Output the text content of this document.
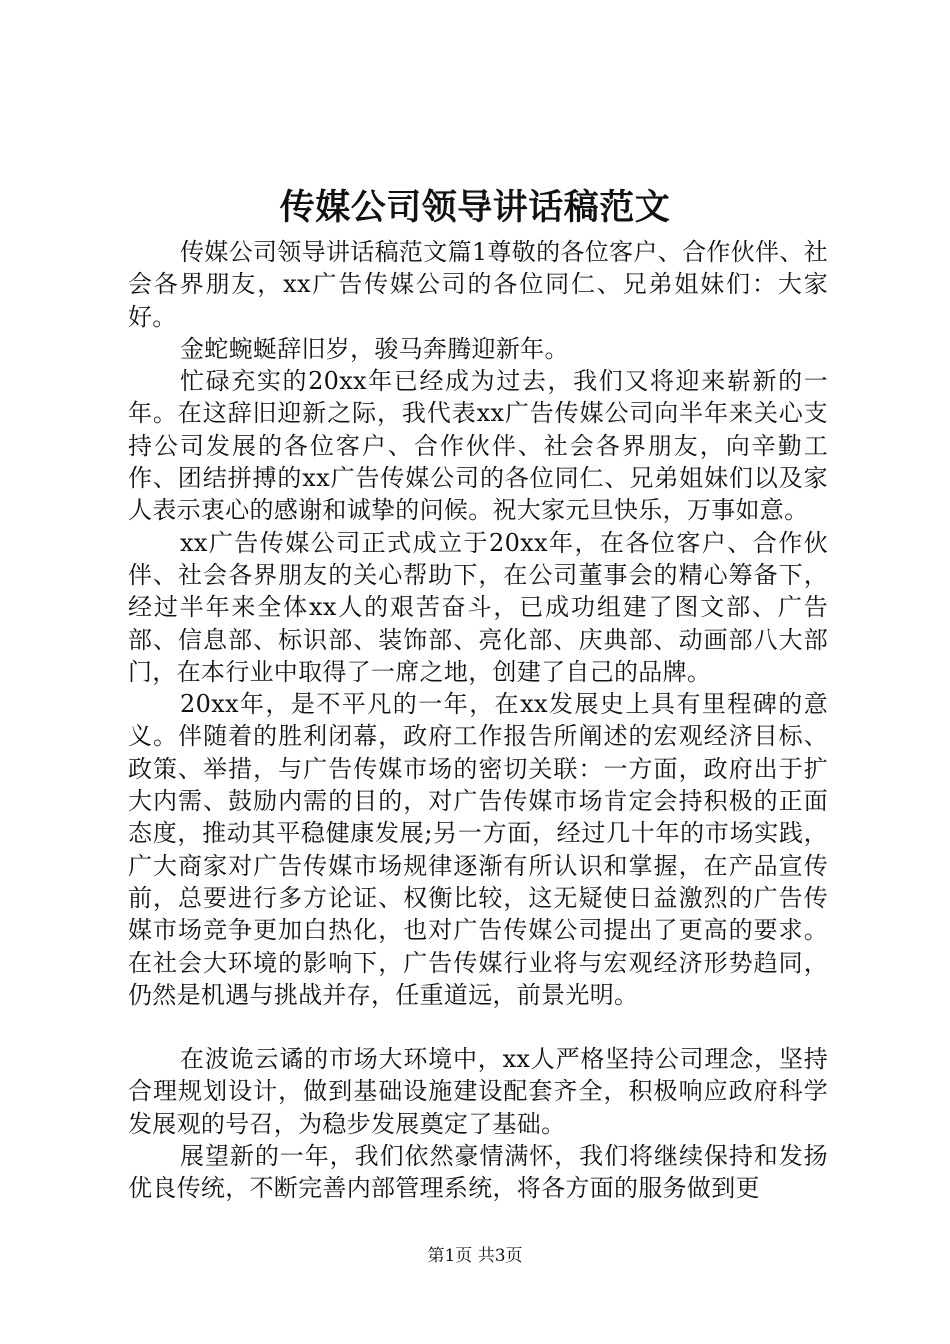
传媒公司领导讲话稿范文

传媒公司领导讲话稿范文篇1尊敬的各位客户、合作伙伴、社会各界朋友，xx广告传媒公司的各位同仁、兄弟姐妹们：大家好。

金蛇蜿蜒辞旧岁，骏马奔腾迎新年。

忙碌充实的20xx年已经成为过去，我们又将迎来崭新的一年。在这辞旧迎新之际，我代表xx广告传媒公司向半年来关心支持公司发展的各位客户、合作伙伴、社会各界朋友，向辛勤工作、团结拼搏的xx广告传媒公司的各位同仁、兄弟姐妹们以及家人表示衷心的感谢和诚挚的问候。祝大家元旦快乐，万事如意。

xx广告传媒公司正式成立于20xx年，在各位客户、合作伙伴、社会各界朋友的关心帮助下，在公司董事会的精心筹备下，经过半年来全体xx人的艰苦奋斗，已成功组建了图文部、广告部、信息部、标识部、装饰部、亮化部、庆典部、动画部八大部门，在本行业中取得了一席之地，创建了自己的品牌。

20xx年，是不平凡的一年，在xx发展史上具有里程碑的意义。伴随着的胜利闭幕，政府工作报告所阐述的宏观经济目标、政策、举措，与广告传媒市场的密切关联：一方面，政府出于扩大内需、鼓励内需的目的，对广告传媒市场肯定会持积极的正面态度，推动其平稳健康发展;另一方面，经过几十年的市场实践，广大商家对广告传媒市场规律逐渐有所认识和掌握，在产品宣传前，总要进行多方论证、权衡比较，这无疑使日益激烈的广告传媒市场竞争更加白热化，也对广告传媒公司提出了更高的要求。在社会大环境的影响下，广告传媒行业将与宏观经济形势趋同，仍然是机遇与挑战并存，任重道远，前景光明。

在波诡云谲的市场大环境中，xx人严格坚持公司理念，坚持合理规划设计，做到基础设施建设配套齐全，积极响应政府科学发展观的号召，为稳步发展奠定了基础。

展望新的一年，我们依然豪情满怀，我们将继续保持和发扬优良传统，不断完善内部管理系统，将各方面的服务做到更

第1页 共3页
